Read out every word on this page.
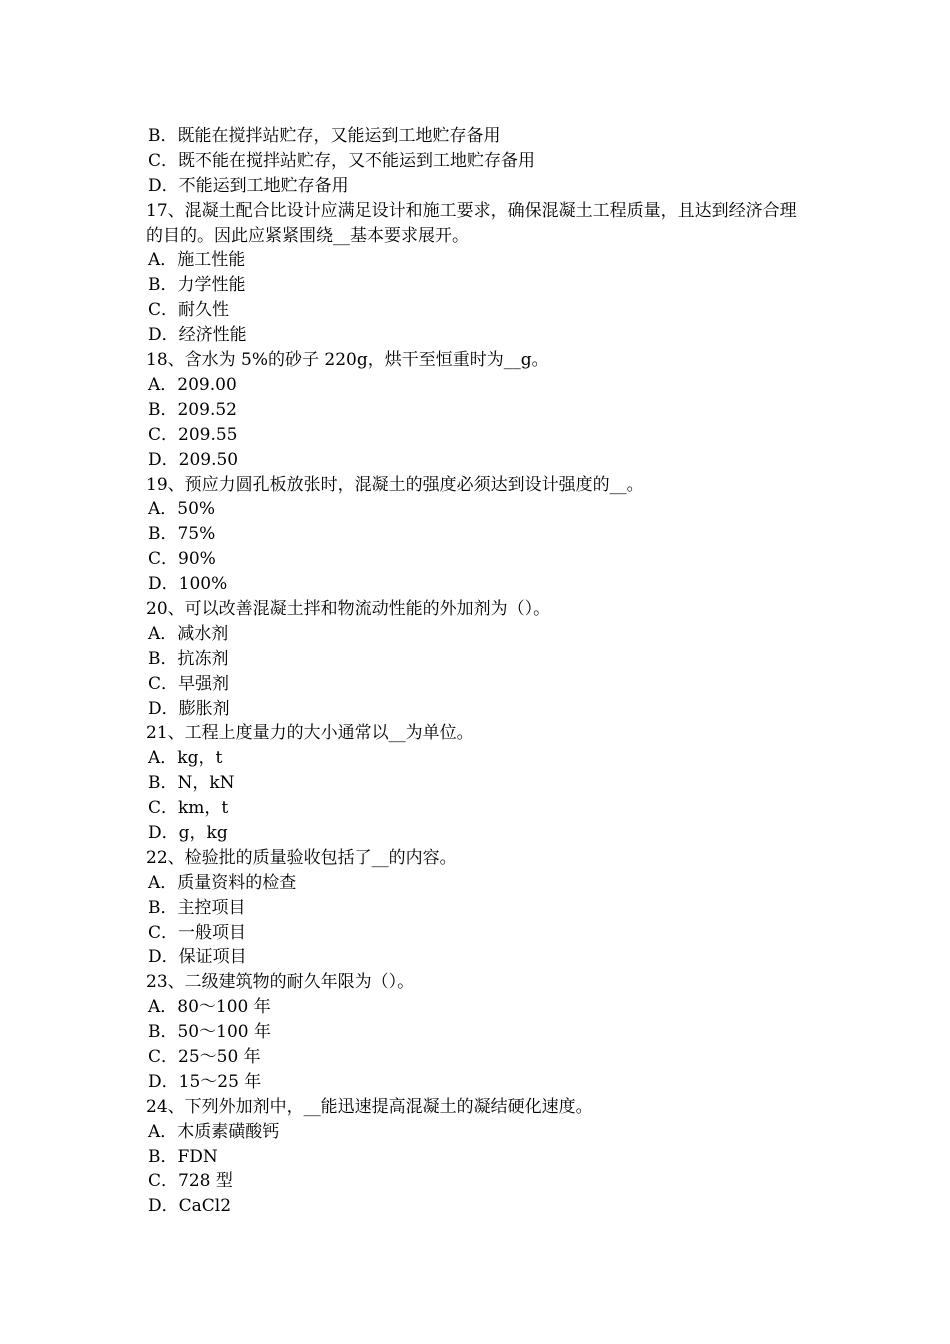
B．既能在搅拌站贮存，又能运到工地贮存备用
C．既不能在搅拌站贮存，又不能运到工地贮存备用
D．不能运到工地贮存备用
17、混凝土配合比设计应满足设计和施工要求，确保混凝土工程质量，且达到经济合理的目的。因此应紧紧围绕__基本要求展开。
A．施工性能
B．力学性能
C．耐久性
D．经济性能
18、含水为 5%的砂子 220g，烘干至恒重时为__g。
A．209.00
B．209.52
C．209.55
D．209.50
19、预应力圆孔板放张时，混凝土的强度必须达到设计强度的__。
A．50%
B．75%
C．90%
D．100%
20、可以改善混凝土拌和物流动性能的外加剂为（）。
A．减水剂
B．抗冻剂
C．早强剂
D．膨胀剂
21、工程上度量力的大小通常以__为单位。
A．kg，t
B．N，kN
C．km，t
D．g，kg
22、检验批的质量验收包括了__的内容。
A．质量资料的检查
B．主控项目
C．一般项目
D．保证项目
23、二级建筑物的耐久年限为（）。
A．80～100 年
B．50～100 年
C．25～50 年
D．15～25 年
24、下列外加剂中，__能迅速提高混凝土的凝结硬化速度。
A．木质素磺酸钙
B．FDN
C．728 型
D．CaCl2
